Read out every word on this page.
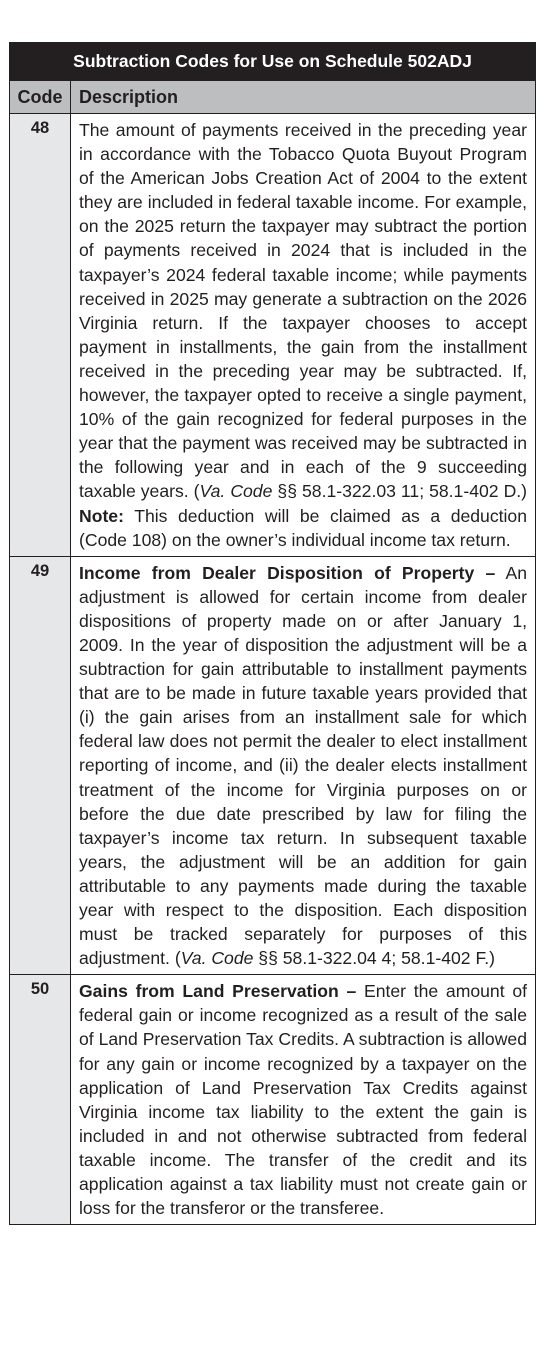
Subtraction Codes for Use on Schedule 502ADJ
Code Description
48	The amount of payments received in the preceding year in accordance with the Tobacco Quota Buyout Program of the American Jobs Creation Act of 2004 to the extent they are included in federal taxable income. For example, on the 2025 return the taxpayer may subtract the portion of payments received in 2024 that is included in the taxpayer’s 2024 federal taxable income; while payments received in 2025 may generate a subtraction on the 2026 Virginia return. If the taxpayer chooses to accept payment in installments, the gain from the installment received in the preceding year may be subtracted. If, however, the taxpayer opted to receive a single payment, 10% of the gain recognized for federal purposes in the year that the payment was received may be subtracted in the following year and in each of the 9 succeeding taxable years. (Va. Code §§ 58.1-322.03 11; 58.1-402 D.) Note: This deduction will be claimed as a deduction (Code 108) on the owner’s individual income tax return.
49	Income from Dealer Disposition of Property – An adjustment is allowed for certain income from dealer dispositions of property made on or after January 1, 2009. In the year of disposition the adjustment will be a subtraction for gain attributable to installment payments that are to be made in future taxable years provided that (i) the gain arises from an installment sale for which federal law does not permit the dealer to elect installment reporting of income, and (ii) the dealer elects installment treatment of the income for Virginia purposes on or before the due date prescribed by law for filing the taxpayer’s income tax return. In subsequent taxable years, the adjustment will be an addition for gain attributable to any payments made during the taxable year with respect to the disposition. Each disposition must be tracked separately for purposes of this adjustment. (Va. Code §§ 58.1-322.04 4; 58.1-402 F.)
50	Gains from Land Preservation – Enter the amount of federal gain or income recognized as a result of the sale of Land Preservation Tax Credits. A subtraction is allowed for any gain or income recognized by a taxpayer on the application of Land Preservation Tax Credits against Virginia income tax liability to the extent the gain is included in and not otherwise subtracted from federal taxable income. The transfer of the credit and its application against a tax liability must not create gain or loss for the transferor or the transferee.
